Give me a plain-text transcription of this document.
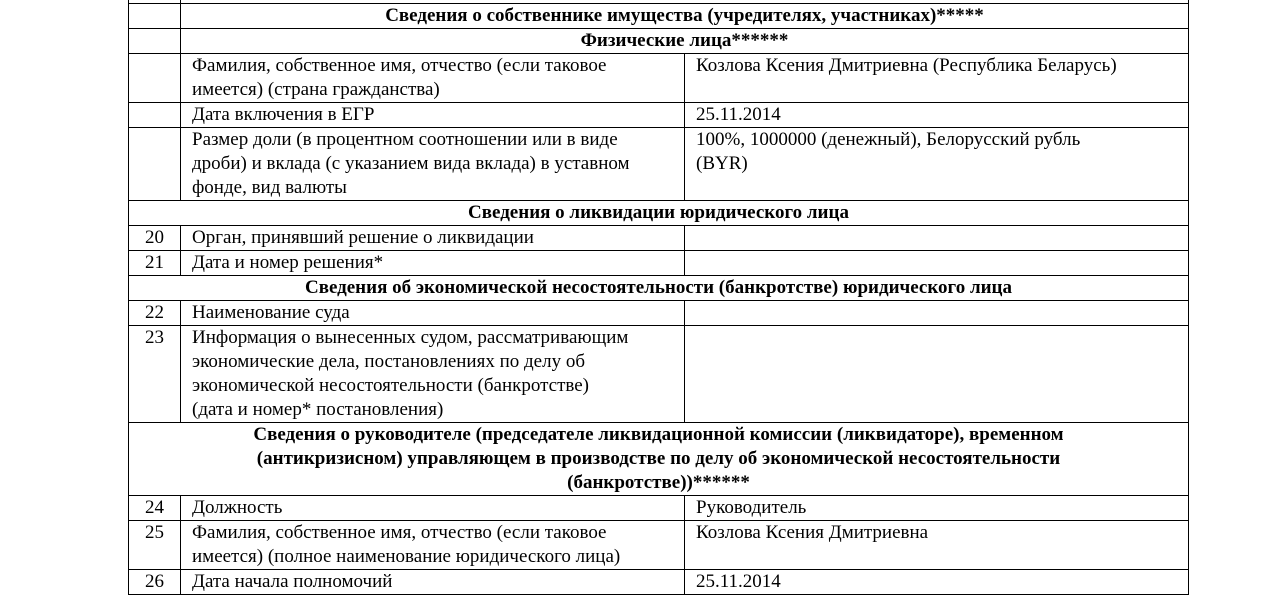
	Сведения о собственнике имущества (учредителях, участниках)*****	
	Физические лица******	

	Фамилия, собственное имя, отчество (если таковое
имеется) (страна гражданства)	Козлова Ксения Дмитриевна (Республика Беларусь)

	Дата включения в ЕГР	25.11.2014

	Размер доли (в процентном соотношении или в виде
дроби) и вклада (с указанием вида вклада) в уставном
фонде, вид валюты	100%, 1000000 (денежный), Белорусский рубль
(BYR)

Сведения о ликвидации юридического лица		
20	Орган, принявший решение о ликвидации	

21	Дата и номер решения*	

Сведения об экономической несостоятельности (банкротстве) юридического лица		
22	Наименование суда	

23	Информация о вынесенных судом, рассматривающим
экономические дела, постановлениях по делу об
экономической несостоятельности (банкротстве)
(дата и номер* постановления)	

Сведения о руководителе (председателе ликвидационной комиссии (ликвидаторе), временном
(антикризисном) управляющем в производстве по делу об экономической несостоятельности
(банкротстве))******		

24	Должность	Руководитель

25	Фамилия, собственное имя, отчество (если таковое
имеется) (полное наименование юридического лица)	Козлова Ксения Дмитриевна

26	Дата начала полномочий	25.11.2014
